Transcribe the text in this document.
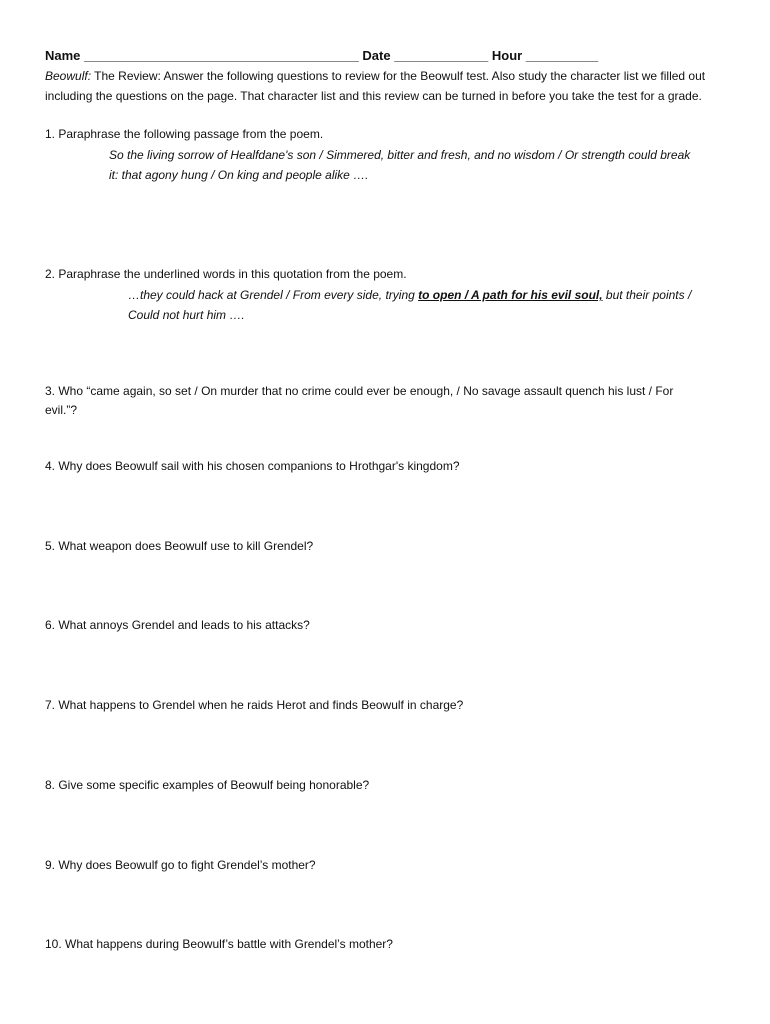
Name ______________________________________ Date _____________ Hour __________
Beowulf: The Review: Answer the following questions to review for the Beowulf test. Also study the character list we filled out including the questions on the page. That character list and this review can be turned in before you take the test for a grade.
1. Paraphrase the following passage from the poem.
So the living sorrow of Healfdane's son / Simmered, bitter and fresh, and no wisdom / Or strength could break
it: that agony hung / On king and people alike ….
2. Paraphrase the underlined words in this quotation from the poem.
…they could hack at Grendel / From every side, trying to open / A path for his evil soul, but their points /
Could not hurt him ….
3. Who “came again, so set / On murder that no crime could ever be enough, / No savage assault quench his lust / For
evil.”?
4. Why does Beowulf sail with his chosen companions to Hrothgar's kingdom?
5. What weapon does Beowulf use to kill Grendel?
6. What annoys Grendel and leads to his attacks?
7. What happens to Grendel when he raids Herot and finds Beowulf in charge?
8. Give some specific examples of Beowulf being honorable?
9. Why does Beowulf go to fight Grendel’s mother?
10. What happens during Beowulf’s battle with Grendel’s mother?
